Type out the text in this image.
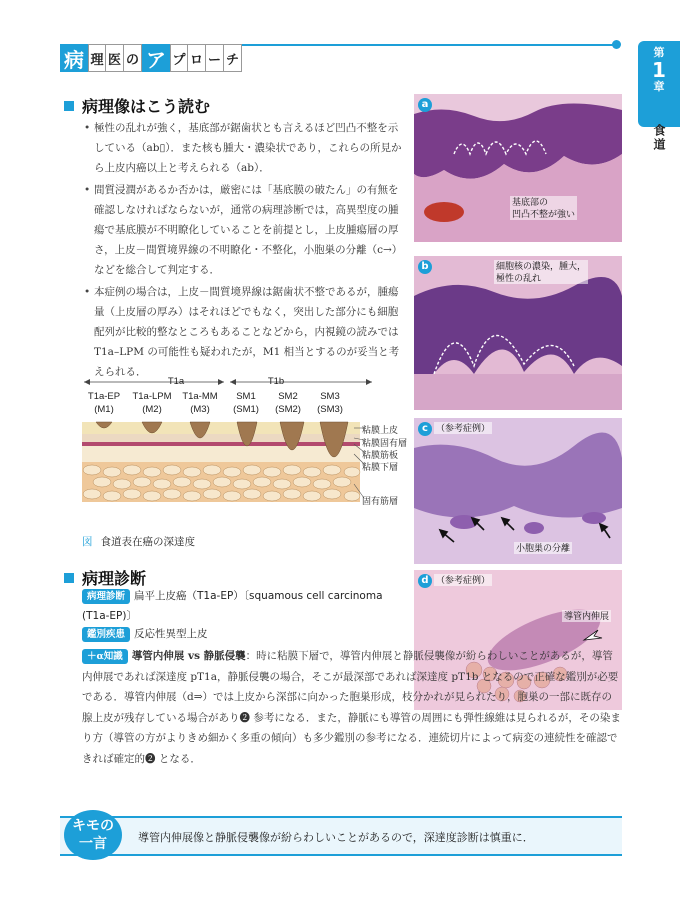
病 理 医 の ア プ ロ ー チ	第
1
章
食道
病理像はこう読む
• 極性の乱れが強く，基底部が鋸歯状とも言えるほど凹凸不整を示している（ab▯）．また核も腫大・濃染状であり，これらの所見から上皮内癌以上と考えられる（ab）．
• 間質浸潤があるか否かは，厳密には「基底膜の破たん」の有無を確認しなければならないが，通常の病理診断では，高異型度の腫瘍で基底膜が不明瞭化していることを前提とし，上皮腫瘍層の厚さ，上皮－間質境界線の不明瞭化・不整化，小胞巣の分離（c→）などを総合して判定する．
• 本症例の場合は，上皮－間質境界線は鋸歯状不整であるが，腫瘍量（上皮層の厚み）はそれほどでもなく，突出した部分にも細胞配列が比較的整なところもあることなどから，内視鏡の読みでは T1a–LPM の可能性も疑われたが，M1 相当とするのが妥当と考えられる．
T1a	T1b
T1a-EP
(M1)
T1a-LPM
(M2)
T1a-MM
(M3)
SM1
(SM1)
SM2
(SM2)
SM3
(SM3)
粘膜上皮
粘膜固有層
粘膜筋板
粘膜下層
固有筋層
図 食道表在癌の深達度
a
基底部の
凹凸不整が強い
b	細胞核の濃染，腫大，
極性の乱れ
c （参考症例）
小胞巣の分離
d （参考症例）
導管内伸展
病理診断
病理診断 扁平上皮癌（T1a-EP）〔squamous cell carcinoma (T1a-EP)〕
鑑別疾患 反応性異型上皮
＋α知識 導管内伸展 vs 静脈侵襲：時に粘膜下層で，導管内伸展と静脈侵襲像が紛らわしいことがあるが，導管内伸展であれば深達度 pT1a，静脈侵襲の場合，そこが最深部であれば深達度 pT1b となるので正確な鑑別が必要である．導管内伸展（d⇒）では上皮から深部に向かった胞巣形成，枝分かれが見られたり，胞巣の一部に既存の腺上皮が残存している場合があり❷ 参考になる．また，静脈にも導管の周囲にも弾性線維は見られるが，その染まり方（導管の方がよりきめ細かく多重の傾向）も多少鑑別の参考になる．連続切片によって病変の連続性を確認できれば確定的❷ となる．
キモの
一言	導管内伸展像と静脈侵襲像が紛らわしいことがあるので，深達度診断は慎重に．
